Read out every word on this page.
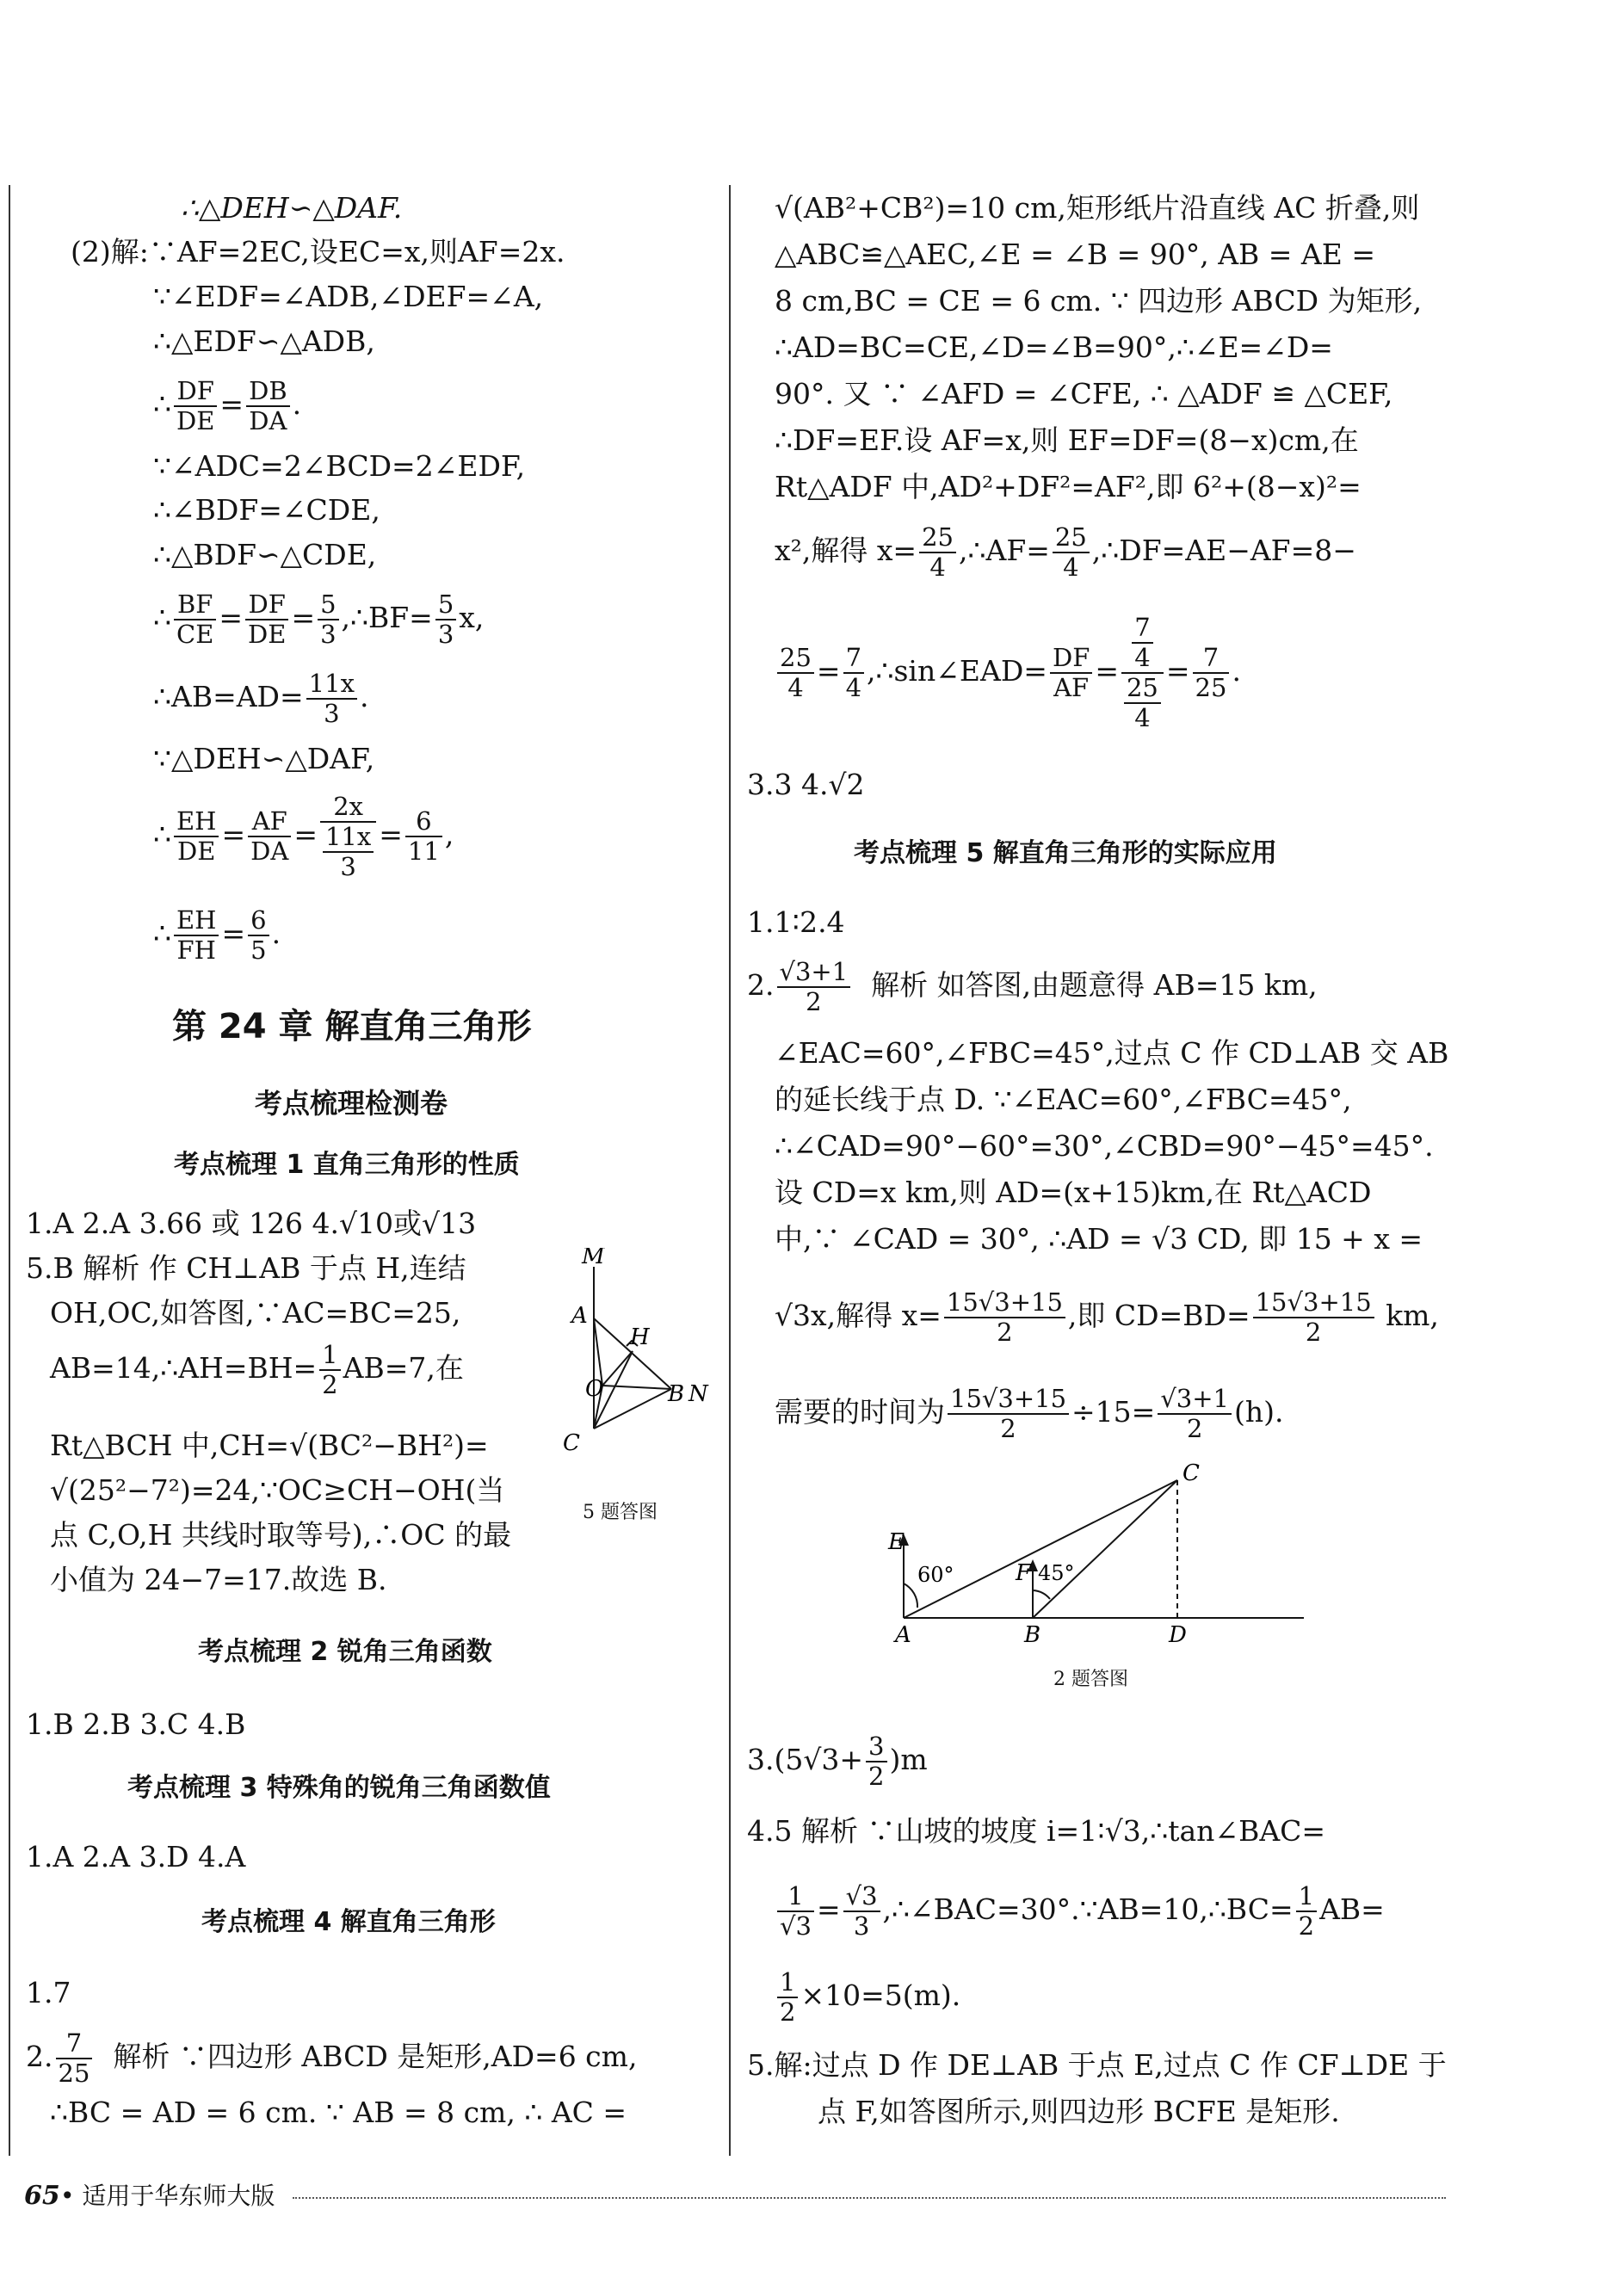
∴△DEH∽△DAF.
(2)解:∵AF=2EC,设EC=x,则AF=2x.
∵∠EDF=∠ADB,∠DEF=∠A,
∴△EDF∽△ADB,
∴ $\frac{DF}{DE} = \frac{DB}{DA}$ .
∵∠ADC=2∠BCD=2∠EDF,
∴∠BDF=∠CDE,
∴△BDF∽△CDE,
∴ $\frac{BF}{CE} = \frac{DF}{DE} = \frac{5}{3}$ ,∴BF= $\frac{5}{3} x$,
∴AB=AD= $\frac{11x}{3}$ .
∵△DEH∽△DAF,
∴ $\frac{EH}{DE} = \frac{AF}{DA} = \frac{2x}{\frac{11x}{3}} = \frac{6}{11}$ ,
∴ $\frac{EH}{FH} = \frac{6}{5}$ .
第 24 章 解直角三角形
考点梳理检测卷
考点梳理 1 直角三角形的性质
1.A 2.A 3.66 或 126 4.√10或√13
5.B 解析 作 CH⊥AB 于点 H,连结
OH,OC,如答图,∵AC=BC=25,
AB=14,∴AH=BH= $\frac{1}{2} AB=7$,在
Rt△BCH 中,CH=√(BC²−BH²)=
√(25²−7²)=24,∵OC≥CH−OH(当
点 C,O,H 共线时取等号),∴OC 的最
小值为 24−7=17.故选 B.
M
A
H
O	B N
C
5 题答图
考点梳理 2 锐角三角函数
1.B 2.B 3.C 4.B
考点梳理 3 特殊角的锐角三角函数值
1.A 2.A 3.D 4.A
考点梳理 4 解直角三角形
1.7
2. $\frac{7}{25}$ 解析 ∵四边形 ABCD 是矩形,AD=6 cm,
∴BC = AD = 6 cm. ∵ AB = 8 cm, ∴ AC =
√(AB²+CB²)=10 cm,矩形纸片沿直线 AC 折叠,则
△ABC≌△AEC,∠E = ∠B = 90°, AB = AE =
8 cm,BC = CE = 6 cm. ∵ 四边形 ABCD 为矩形,
∴AD=BC=CE,∠D=∠B=90°,∴∠E=∠D=
90°. 又 ∵ ∠AFD = ∠CFE, ∴ △ADF ≌ △CEF,
∴DF=EF.设 AF=x,则 EF=DF=(8−x)cm,在
Rt△ADF 中,AD²+DF²=AF²,即 6²+(8−x)²=
x²,解得 $x= \frac{25}{4}$ ,∴AF= $\frac{25}{4}$ ,∴DF=AE−AF=8−
$\frac{25}{4} = \frac{7}{4}$ ,∴sin∠EAD= $\frac{DF}{AF} = \frac{\frac{7}{4}}{\frac{25}{4}} = \frac{7}{25}$ .
3.3 4.√2
考点梳理 5 解直角三角形的实际应用
1.1∶2.4
2. $\frac{√3+1}{2}$ 解析 如答图,由题意得 AB=15 km,
∠EAC=60°,∠FBC=45°,过点 C 作 CD⊥AB 交 AB
的延长线于点 D. ∵∠EAC=60°,∠FBC=45°,
∴∠CAD=90°−60°=30°,∠CBD=90°−45°=45°.
设 CD=x km,则 AD=(x+15)km,在 Rt△ACD
中,∵ ∠CAD = 30°, ∴AD = √3 CD, 即 15 + x =
√3x,解得 $x= \frac{15√3+15}{2}$ ,即 $CD=BD= \frac{15√3+15}{2}$ km,
需要的时间为 $\frac{15√3+15}{2} \div 15= \frac{√3+1}{2} (h)$.
C
E
60°	F 45°
A	B	D
2 题答图
$3.(5√3+ \frac{3}{2} )m$
4.5 解析 ∵山坡的坡度 i=1∶√3,∴tan∠BAC=
$\frac{1}{√3} = \frac{√3}{3}$ ,∴∠BAC=30°.∵AB=10,∴BC= $\frac{1}{2} AB=$
$\frac{1}{2} \times 10=5(m)$.
5.解:过点 D 作 DE⊥AB 于点 E,过点 C 作 CF⊥DE 于
点 F,如答图所示,则四边形 BCFE 是矩形.
65 • 适用于华东师大版
